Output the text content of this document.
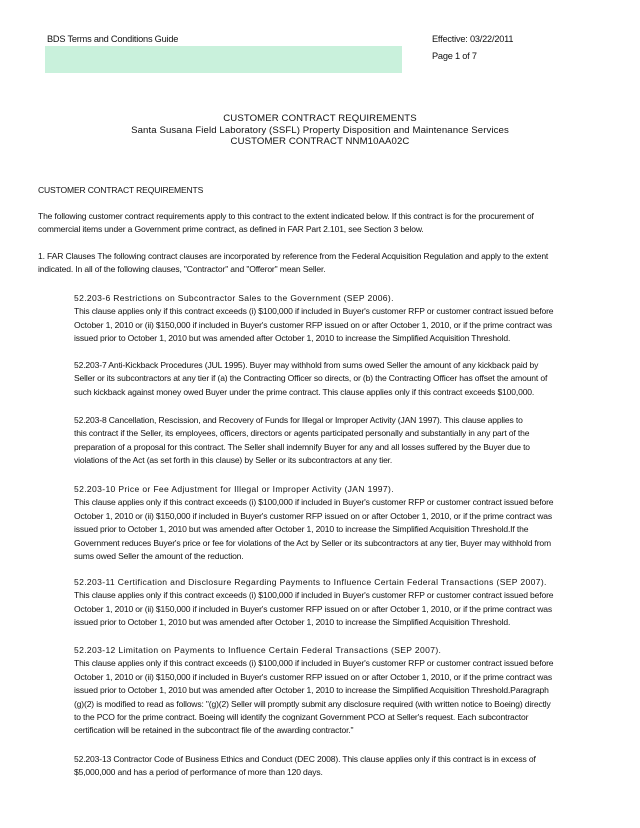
BDS Terms and Conditions Guide	Effective: 03/22/2011
Page 1 of 7
CUSTOMER CONTRACT REQUIREMENTS
Santa Susana Field Laboratory (SSFL) Property Disposition and Maintenance Services
CUSTOMER CONTRACT NNM10AA02C
CUSTOMER CONTRACT REQUIREMENTS
The following customer contract requirements apply to this contract to the extent indicated below. If this contract is for the procurement of
commercial items under a Government prime contract, as defined in FAR Part 2.101, see Section 3 below.
1. FAR Clauses The following contract clauses are incorporated by reference from the Federal Acquisition Regulation and apply to the extent
indicated. In all of the following clauses, "Contractor" and "Offeror" mean Seller.
52.203-6 Restrictions on Subcontractor Sales to the Government (SEP 2006).
This clause applies only if this contract exceeds (i) $100,000 if included in Buyer's customer RFP or customer contract issued before
October 1, 2010 or (ii) $150,000 if included in Buyer's customer RFP issued on or after October 1, 2010, or if the prime contract was
issued prior to October 1, 2010 but was amended after October 1, 2010 to increase the Simplified Acquisition Threshold.
52.203-7 Anti-Kickback Procedures (JUL 1995). Buyer may withhold from sums owed Seller the amount of any kickback paid by
Seller or its subcontractors at any tier if (a) the Contracting Officer so directs, or (b) the Contracting Officer has offset the amount of
such kickback against money owed Buyer under the prime contract. This clause applies only if this contract exceeds $100,000.
52.203-8 Cancellation, Rescission, and Recovery of Funds for Illegal or Improper Activity (JAN 1997). This clause applies to
this contract if the Seller, its employees, officers, directors or agents participated personally and substantially in any part of the
preparation of a proposal for this contract. The Seller shall indemnify Buyer for any and all losses suffered by the Buyer due to
violations of the Act (as set forth in this clause) by Seller or its subcontractors at any tier.
52.203-10 Price or Fee Adjustment for Illegal or Improper Activity (JAN 1997).
This clause applies only if this contract exceeds (i) $100,000 if included in Buyer's customer RFP or customer contract issued before
October 1, 2010 or (ii) $150,000 if included in Buyer's customer RFP issued on or after October 1, 2010, or if the prime contract was
issued prior to October 1, 2010 but was amended after October 1, 2010 to increase the Simplified Acquisition Threshold.If the
Government reduces Buyer's price or fee for violations of the Act by Seller or its subcontractors at any tier, Buyer may withhold from
sums owed Seller the amount of the reduction.
52.203-11 Certification and Disclosure Regarding Payments to Influence Certain Federal Transactions (SEP 2007).
This clause applies only if this contract exceeds (i) $100,000 if included in Buyer's customer RFP or customer contract issued before
October 1, 2010 or (ii) $150,000 if included in Buyer's customer RFP issued on or after October 1, 2010, or if the prime contract was
issued prior to October 1, 2010 but was amended after October 1, 2010 to increase the Simplified Acquisition Threshold.
52.203-12 Limitation on Payments to Influence Certain Federal Transactions (SEP 2007).
This clause applies only if this contract exceeds (i) $100,000 if included in Buyer's customer RFP or customer contract issued before
October 1, 2010 or (ii) $150,000 if included in Buyer's customer RFP issued on or after October 1, 2010, or if the prime contract was
issued prior to October 1, 2010 but was amended after October 1, 2010 to increase the Simplified Acquisition Threshold.Paragraph
(g)(2) is modified to read as follows: "(g)(2) Seller will promptly submit any disclosure required (with written notice to Boeing) directly
to the PCO for the prime contract. Boeing will identify the cognizant Government PCO at Seller's request. Each subcontractor
certification will be retained in the subcontract file of the awarding contractor."
52.203-13 Contractor Code of Business Ethics and Conduct (DEC 2008). This clause applies only if this contract is in excess of
$5,000,000 and has a period of performance of more than 120 days.
